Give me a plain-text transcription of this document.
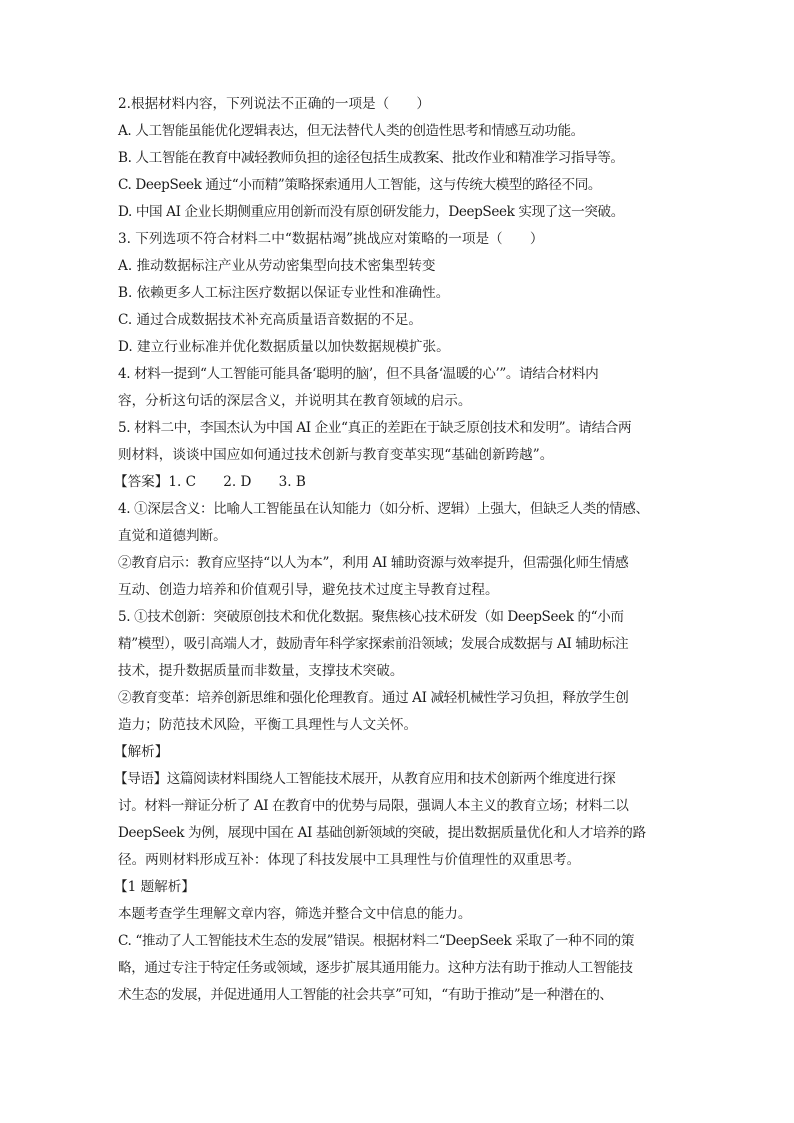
2.根据材料内容，下列说法不正确的一项是（　　）
A. 人工智能虽能优化逻辑表达，但无法替代人类的创造性思考和情感互动功能。
B. 人工智能在教育中减轻教师负担的途径包括生成教案、批改作业和精准学习指导等。
C. DeepSeek 通过“小而精”策略探索通用人工智能，这与传统大模型的路径不同。
D. 中国 AI 企业长期侧重应用创新而没有原创研发能力，DeepSeek 实现了这一突破。
3. 下列选项不符合材料二中“数据枯竭”挑战应对策略的一项是（　　）
A. 推动数据标注产业从劳动密集型向技术密集型转变
B. 依赖更多人工标注医疗数据以保证专业性和准确性。
C. 通过合成数据技术补充高质量语音数据的不足。
D. 建立行业标准并优化数据质量以加快数据规模扩张。
4. 材料一提到“人工智能可能具备‘聪明的脑’，但不具备‘温暖的心’”。请结合材料内
容，分析这句话的深层含义，并说明其在教育领域的启示。
5. 材料二中，李国杰认为中国 AI 企业“真正的差距在于缺乏原创技术和发明”。请结合两
则材料，谈谈中国应如何通过技术创新与教育变革实现“基础创新跨越”。
【答案】1. C　　2. D　　3. B
4. ①深层含义：比喻人工智能虽在认知能力（如分析、逻辑）上强大，但缺乏人类的情感、
直觉和道德判断。
②教育启示：教育应坚持“以人为本”，利用 AI 辅助资源与效率提升，但需强化师生情感
互动、创造力培养和价值观引导，避免技术过度主导教育过程。
5. ①技术创新：突破原创技术和优化数据。聚焦核心技术研发（如 DeepSeek 的“小而
精”模型），吸引高端人才，鼓励青年科学家探索前沿领域；发展合成数据与 AI 辅助标注
技术，提升数据质量而非数量，支撑技术突破。
②教育变革：培养创新思维和强化伦理教育。通过 AI 减轻机械性学习负担，释放学生创
造力；防范技术风险，平衡工具理性与人文关怀。
【解析】
【导语】这篇阅读材料围绕人工智能技术展开，从教育应用和技术创新两个维度进行探
讨。材料一辩证分析了 AI 在教育中的优势与局限，强调人本主义的教育立场；材料二以
DeepSeek 为例，展现中国在 AI 基础创新领域的突破，提出数据质量优化和人才培养的路
径。两则材料形成互补：体现了科技发展中工具理性与价值理性的双重思考。
【1 题解析】
本题考查学生理解文章内容，筛选并整合文中信息的能力。
C. “推动了人工智能技术生态的发展”错误。根据材料二“DeepSeek 采取了一种不同的策
略，通过专注于特定任务或领域，逐步扩展其通用能力。这种方法有助于推动人工智能技
术生态的发展，并促进通用人工智能的社会共享”可知，“有助于推动”是一种潜在的、
